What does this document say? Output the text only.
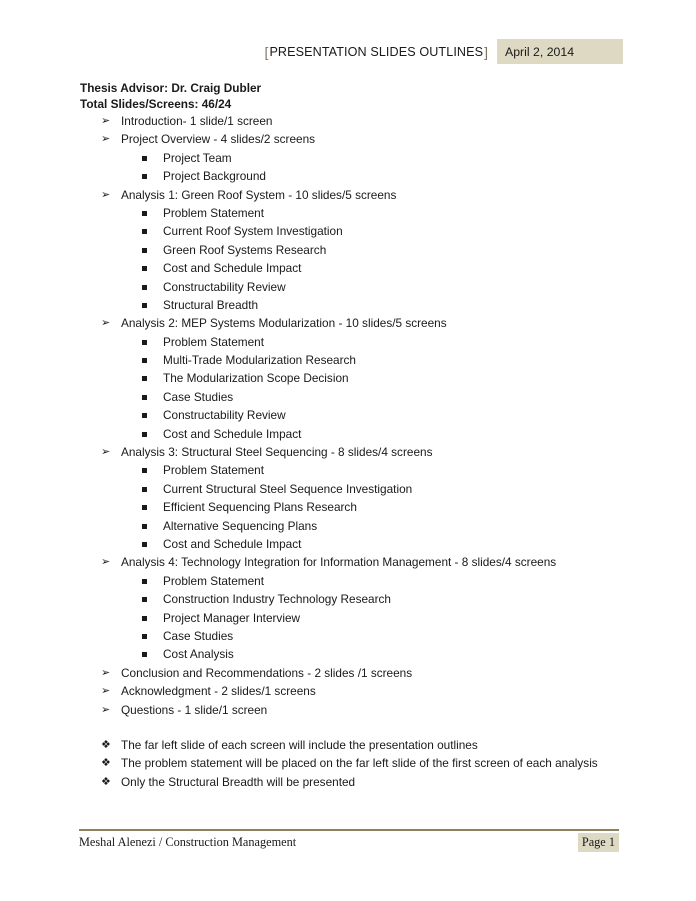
[ PRESENTATION SLIDES OUTLINES ]	April 2, 2014
Thesis Advisor: Dr. Craig Dubler
Total Slides/Screens: 46/24
➢ Introduction- 1 slide/1 screen
➢ Project Overview - 4 slides/2 screens
Project Team
Project Background
➢ Analysis 1: Green Roof System - 10 slides/5 screens
Problem Statement
Current Roof System Investigation
Green Roof Systems Research
Cost and Schedule Impact
Constructability Review
Structural Breadth
➢ Analysis 2: MEP Systems Modularization - 10 slides/5 screens
Problem Statement
Multi-Trade Modularization Research
The Modularization Scope Decision
Case Studies
Constructability Review
Cost and Schedule Impact
➢ Analysis 3: Structural Steel Sequencing - 8 slides/4 screens
Problem Statement
Current Structural Steel Sequence Investigation
Efficient Sequencing Plans Research
Alternative Sequencing Plans
Cost and Schedule Impact
➢ Analysis 4: Technology Integration for Information Management - 8 slides/4 screens
Problem Statement
Construction Industry Technology Research
Project Manager Interview
Case Studies
Cost Analysis
➢ Conclusion and Recommendations - 2 slides /1 screens
➢ Acknowledgment - 2 slides/1 screens
➢ Questions - 1 slide/1 screen
❖ The far left slide of each screen will include the presentation outlines
❖ The problem statement will be placed on the far left slide of the first screen of each analysis
❖ Only the Structural Breadth will be presented
Meshal Alenezi / Construction Management	Page 1
